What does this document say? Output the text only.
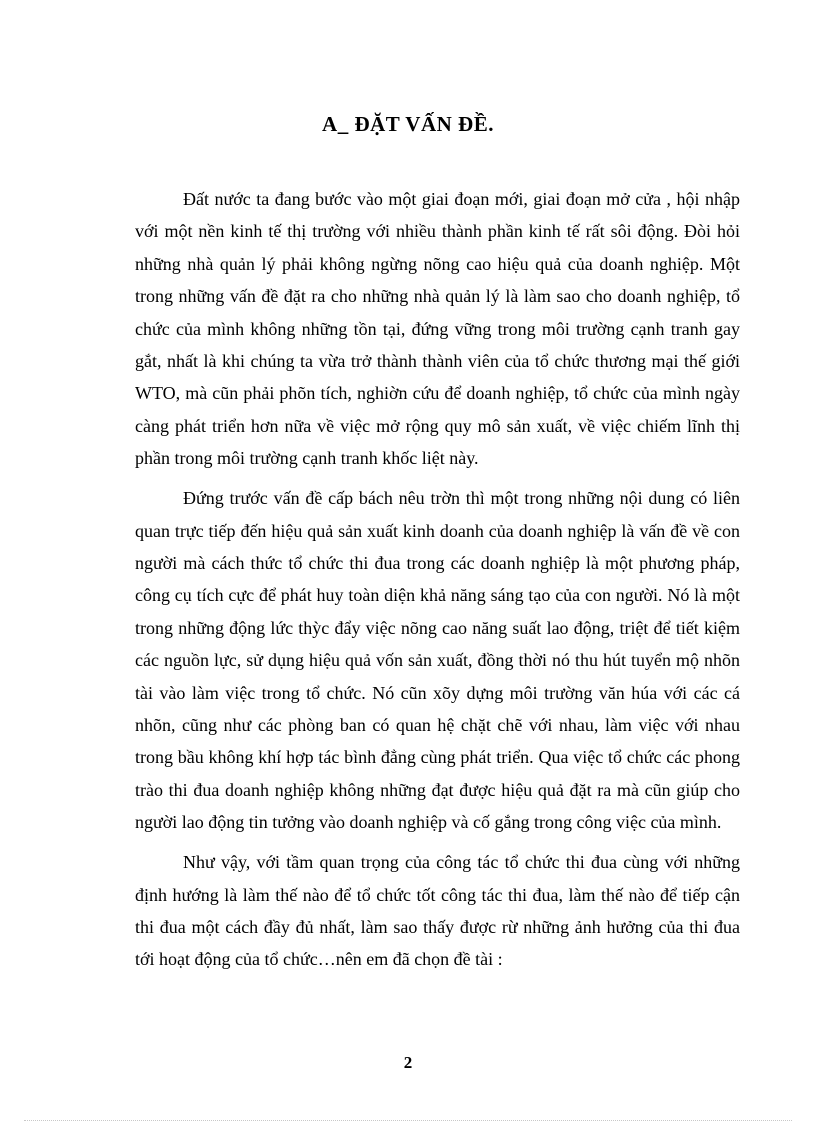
A_ ĐẶT VẤN ĐỀ.

Đất nước ta đang bước vào một giai đoạn mới, giai đoạn mở cửa , hội nhập với một nền kinh tế thị trường với nhiều thành phần kinh tế rất sôi động. Đòi hỏi những nhà quản lý phải không ngừng nõng cao hiệu quả của doanh nghiệp. Một trong những vấn đề đặt ra cho những nhà quản lý là làm sao cho doanh nghiệp, tổ chức của mình không những tồn tại, đứng vững trong môi trường cạnh tranh gay gắt, nhất là khi chúng ta vừa trở thành thành viên của tổ chức thương mại thế giới WTO, mà cũn phải phõn tích, nghiờn cứu để doanh nghiệp, tổ chức của mình ngày càng phát triển hơn nữa về việc mở rộng quy mô sản xuất, về việc chiếm lĩnh thị phần trong môi trường cạnh tranh khốc liệt này.

Đứng trước vấn đề cấp bách nêu trờn thì một trong những nội dung có liên quan trực tiếp đến hiệu quả sản xuất kinh doanh của doanh nghiệp là vấn đề về con người mà cách thức tổ chức thi đua trong các doanh nghiệp là một phương pháp, công cụ tích cực để phát huy toàn diện khả năng sáng tạo của con người. Nó là một trong những động lức thỳc đẩy việc nõng cao năng suất lao động, triệt để tiết kiệm các nguồn lực, sử dụng hiệu quả vốn sản xuất, đồng thời nó thu hút tuyển mộ nhõn tài vào làm việc trong tổ chức. Nó cũn xõy dựng môi trường văn húa với các cá nhõn, cũng như các phòng ban có quan hệ chặt chẽ với nhau, làm việc với nhau trong bầu không khí hợp tác bình đẳng cùng phát triển. Qua việc tổ chức các phong trào thi đua doanh nghiệp không những đạt được hiệu quả đặt ra mà cũn giúp cho người lao động tin tưởng vào doanh nghiệp và cố gắng trong công việc của mình.

Như vậy, với tầm quan trọng của công tác tổ chức thi đua cùng với những định hướng là làm thế nào để tổ chức tốt công tác thi đua, làm thế nào để tiếp cận thi đua một cách đầy đủ nhất, làm sao thấy được rừ những ảnh hưởng của thi đua tới hoạt động của tổ chức…nên em đã chọn đề tài :

2
